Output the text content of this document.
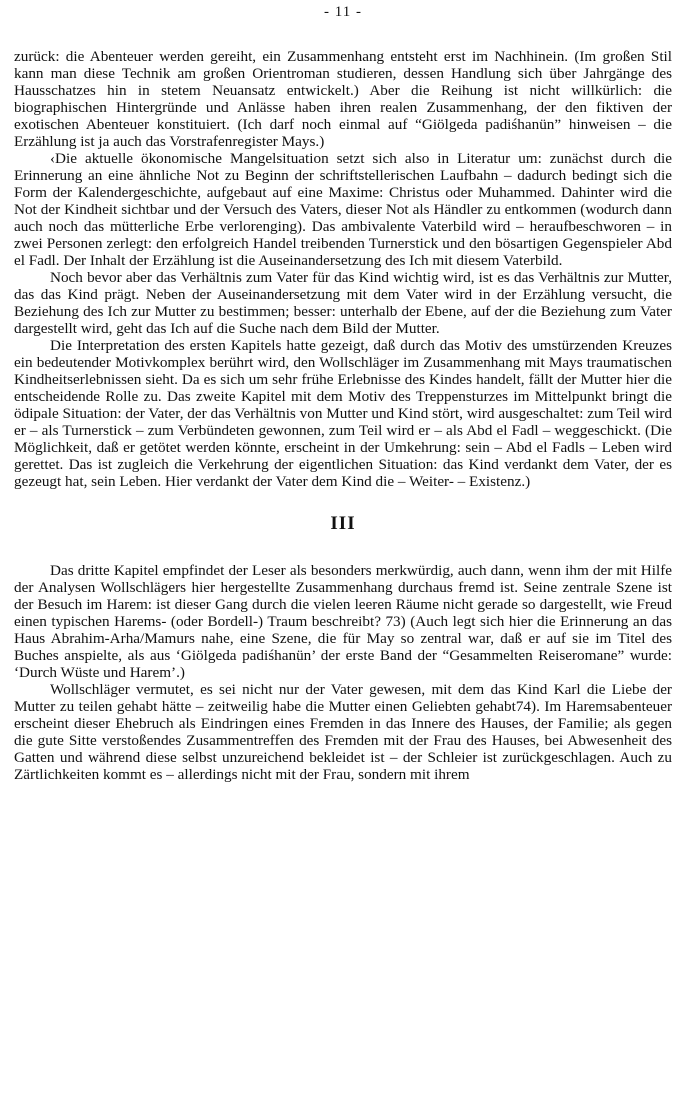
- 11 -

zurück: die Abenteuer werden gereiht, ein Zusammenhang entsteht erst im Nachhinein. (Im großen Stil kann man diese Technik am großen Orientroman studieren, dessen Handlung sich über Jahrgänge des Hausschatzes hin in stetem Neuansatz entwickelt.) Aber die Reihung ist nicht willkürlich: die biographischen Hintergründe und Anlässe haben ihren realen Zusammenhang, der den fiktiven der exotischen Abenteuer konstituiert. (Ich darf noch einmal auf “Giölgeda padiśhanün” hinweisen – die Erzählung ist ja auch das Vorstrafenregister Mays.)

‹Die aktuelle ökonomische Mangelsituation setzt sich also in Literatur um: zunächst durch die Erinnerung an eine ähnliche Not zu Beginn der schriftstellerischen Laufbahn – dadurch bedingt sich die Form der Kalendergeschichte, aufgebaut auf eine Maxime: Christus oder Muhammed. Dahinter wird die Not der Kindheit sichtbar und der Versuch des Vaters, dieser Not als Händler zu entkommen (wodurch dann auch noch das mütterliche Erbe verlorenging). Das ambivalente Vaterbild wird – heraufbeschworen – in zwei Personen zerlegt: den erfolgreich Handel treibenden Turnerstick und den bösartigen Gegenspieler Abd el Fadl. Der Inhalt der Erzählung ist die Auseinandersetzung des Ich mit diesem Vaterbild.

Noch bevor aber das Verhältnis zum Vater für das Kind wichtig wird, ist es das Verhältnis zur Mutter, das das Kind prägt. Neben der Auseinandersetzung mit dem Vater wird in der Erzählung versucht, die Beziehung des Ich zur Mutter zu bestimmen; besser: unterhalb der Ebene, auf der die Beziehung zum Vater dargestellt wird, geht das Ich auf die Suche nach dem Bild der Mutter.

Die Interpretation des ersten Kapitels hatte gezeigt, daß durch das Motiv des umstürzenden Kreuzes ein bedeutender Motivkomplex berührt wird, den Wollschläger im Zusammenhang mit Mays traumatischen Kindheitserlebnissen sieht. Da es sich um sehr frühe Erlebnisse des Kindes handelt, fällt der Mutter hier die entscheidende Rolle zu. Das zweite Kapitel mit dem Motiv des Treppensturzes im Mittelpunkt bringt die ödipale Situation: der Vater, der das Verhältnis von Mutter und Kind stört, wird ausgeschaltet: zum Teil wird er – als Turnerstick – zum Verbündeten gewonnen, zum Teil wird er – als Abd el Fadl – weggeschickt. (Die Möglichkeit, daß er getötet werden könnte, erscheint in der Umkehrung: sein – Abd el Fadls – Leben wird gerettet. Das ist zugleich die Verkehrung der eigentlichen Situation: das Kind verdankt dem Vater, der es gezeugt hat, sein Leben. Hier verdankt der Vater dem Kind die – Weiter- – Existenz.)

III

Das dritte Kapitel empfindet der Leser als besonders merkwürdig, auch dann, wenn ihm der mit Hilfe der Analysen Wollschlägers hier hergestellte Zusammenhang durchaus fremd ist. Seine zentrale Szene ist der Besuch im Harem: ist dieser Gang durch die vielen leeren Räume nicht gerade so dargestellt, wie Freud einen typischen Harems- (oder Bordell-) Traum beschreibt? 73) (Auch legt sich hier die Erinnerung an das Haus Abrahim-Arha/Mamurs nahe, eine Szene, die für May so zentral war, daß er auf sie im Titel des Buches anspielte, als aus ‘Giölgeda padiśhanün’ der erste Band der “Gesammelten Reiseromane” wurde: ‘Durch Wüste und Harem’.)

Wollschläger vermutet, es sei nicht nur der Vater gewesen, mit dem das Kind Karl die Liebe der Mutter zu teilen gehabt hätte – zeitweilig habe die Mutter einen Geliebten gehabt74). Im Haremsabenteuer erscheint dieser Ehebruch als Eindringen eines Fremden in das Innere des Hauses, der Familie; als gegen die gute Sitte verstoßendes Zusammentreffen des Fremden mit der Frau des Hauses, bei Abwesenheit des Gatten und während diese selbst unzureichend bekleidet ist – der Schleier ist zurückgeschlagen. Auch zu Zärtlichkeiten kommt es – allerdings nicht mit der Frau, sondern mit ihrem
